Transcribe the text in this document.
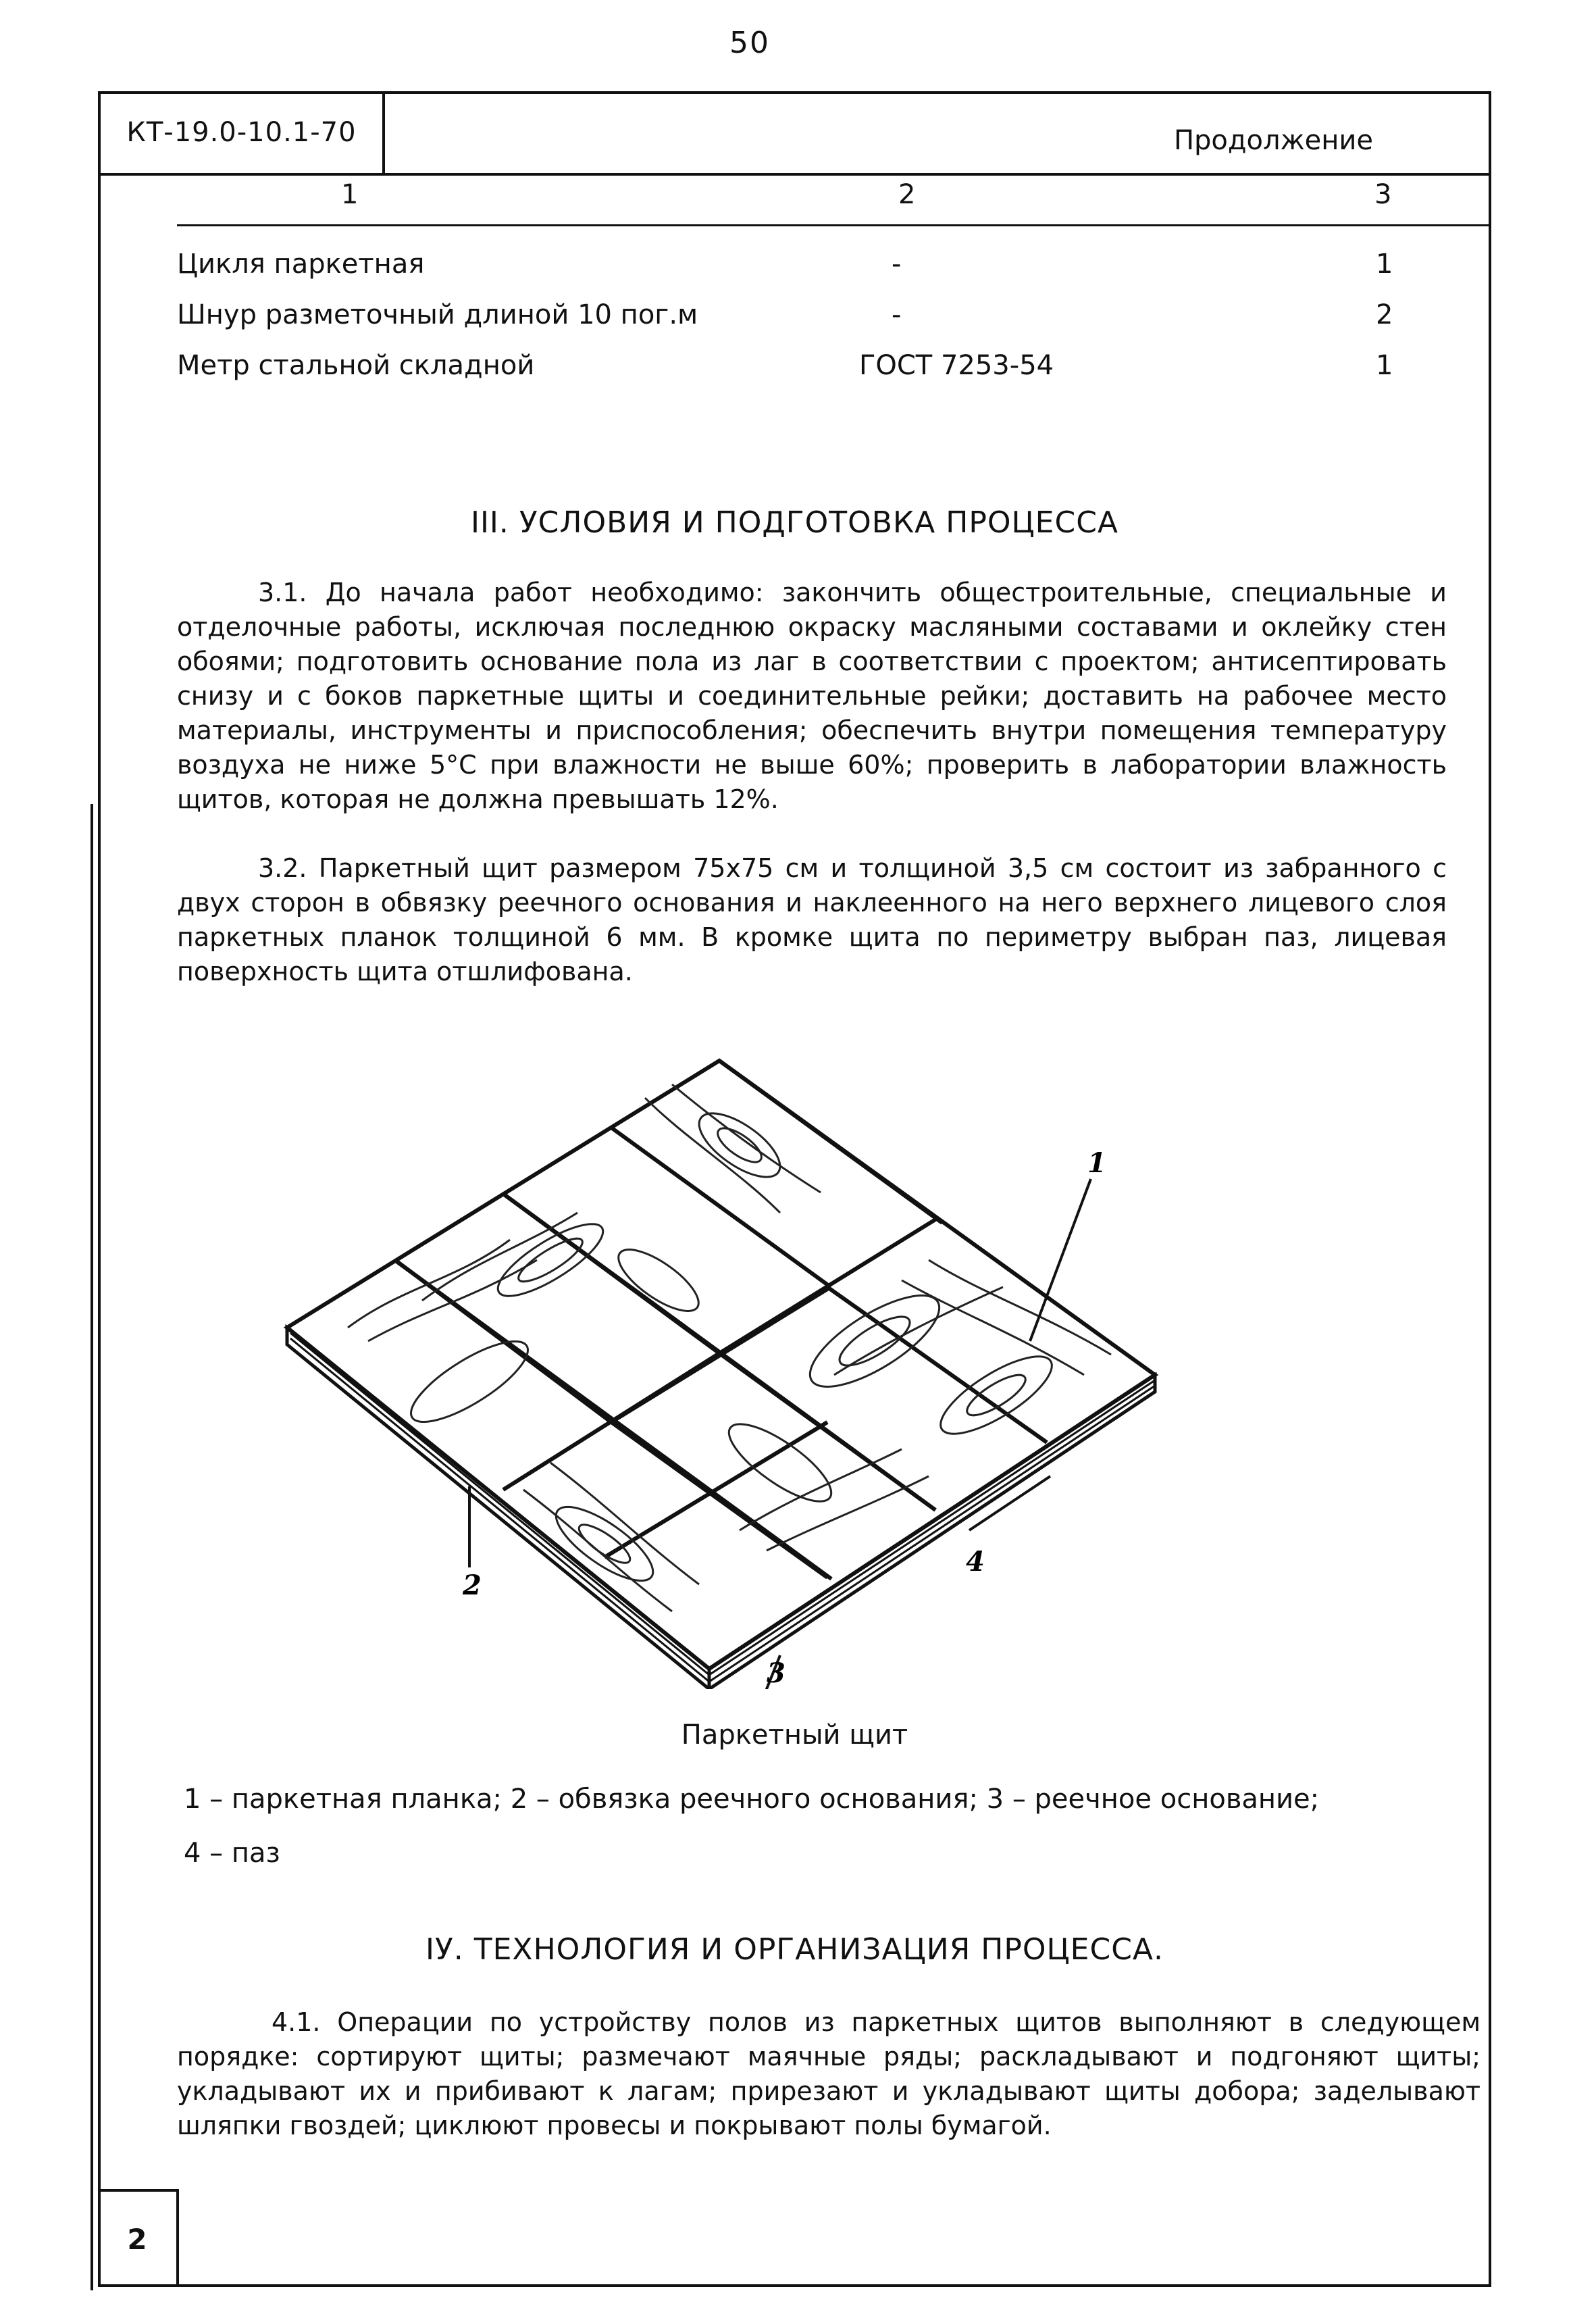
50
КТ-19.0-10.1-70	Продолжение
1	2	3
Цикля паркетная	-	1
Шнур разметочный длиной 10 пог.м	-	2
Метр стальной складной	ГОСТ 7253-54	1
III. УСЛОВИЯ И ПОДГОТОВКА ПРОЦЕССА
3.1. До начала работ необходимо: закончить общестроительные, специальные и отделочные работы, исключая последнюю окраску масляными составами и оклейку стен обоями; подготовить основание пола из лаг в соответствии с проектом; антисептировать снизу и с боков паркетные щиты и соединительные рейки; доставить на рабочее место материалы, инструменты и приспособления; обеспечить внутри помещения температуру воздуха не ниже 5°С при влажности не выше 60%; проверить в лаборатории влажность щитов, которая не должна превышать 12%.
3.2. Паркетный щит размером 75х75 см и толщиной 3,5 см состоит из забранного с двух сторон в обвязку реечного основания и наклеенного на него верхнего лицевого слоя паркетных планок толщиной 6 мм. В кромке щита по периметру выбран паз, лицевая поверхность щита отшлифована.
1
2
3
4
Паркетный щит
1 – паркетная планка; 2 – обвязка реечного основания; 3 – реечное основание;
4 – паз
IУ. ТЕХНОЛОГИЯ И ОРГАНИЗАЦИЯ ПРОЦЕССА.
4.1. Операции по устройству полов из паркетных щитов выполняют в следующем порядке: сортируют щиты; размечают маячные ряды; раскладывают и подгоняют щиты; укладывают их и прибивают к лагам; прирезают и укладывают щиты добора; заделывают шляпки гвоздей; циклюют провесы и покрывают полы бумагой.
2
